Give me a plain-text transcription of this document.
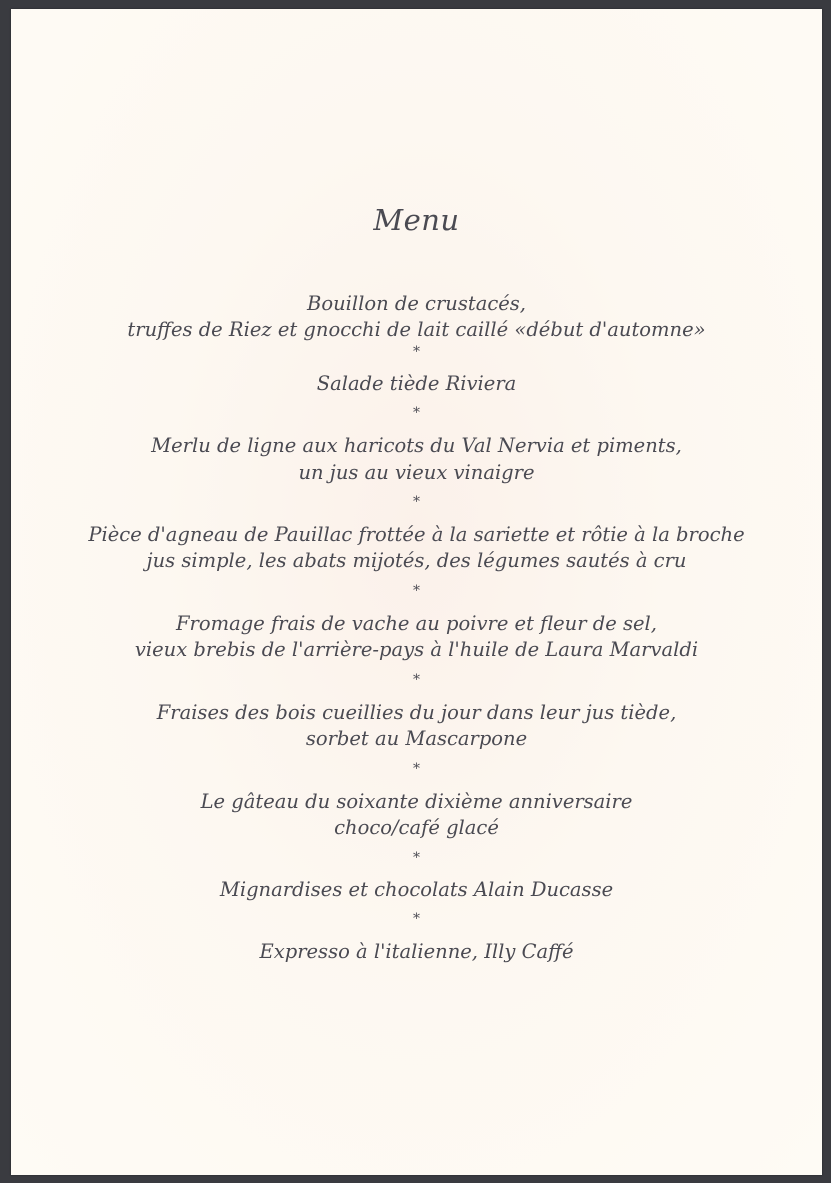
Menu
Bouillon de crustacés,
truffes de Riez et gnocchi de lait caillé «début d'automne»
*
Salade tiède Riviera
*
Merlu de ligne aux haricots du Val Nervia et piments,
un jus au vieux vinaigre
*
Pièce d'agneau de Pauillac frottée à la sariette et rôtie à la broche
jus simple, les abats mijotés, des légumes sautés à cru
*
Fromage frais de vache au poivre et fleur de sel,
vieux brebis de l'arrière-pays à l'huile de Laura Marvaldi
*
Fraises des bois cueillies du jour dans leur jus tiède,
sorbet au Mascarpone
*
Le gâteau du soixante dixième anniversaire
choco/café glacé
*
Mignardises et chocolats Alain Ducasse
*
Expresso à l'italienne, Illy Caffé
